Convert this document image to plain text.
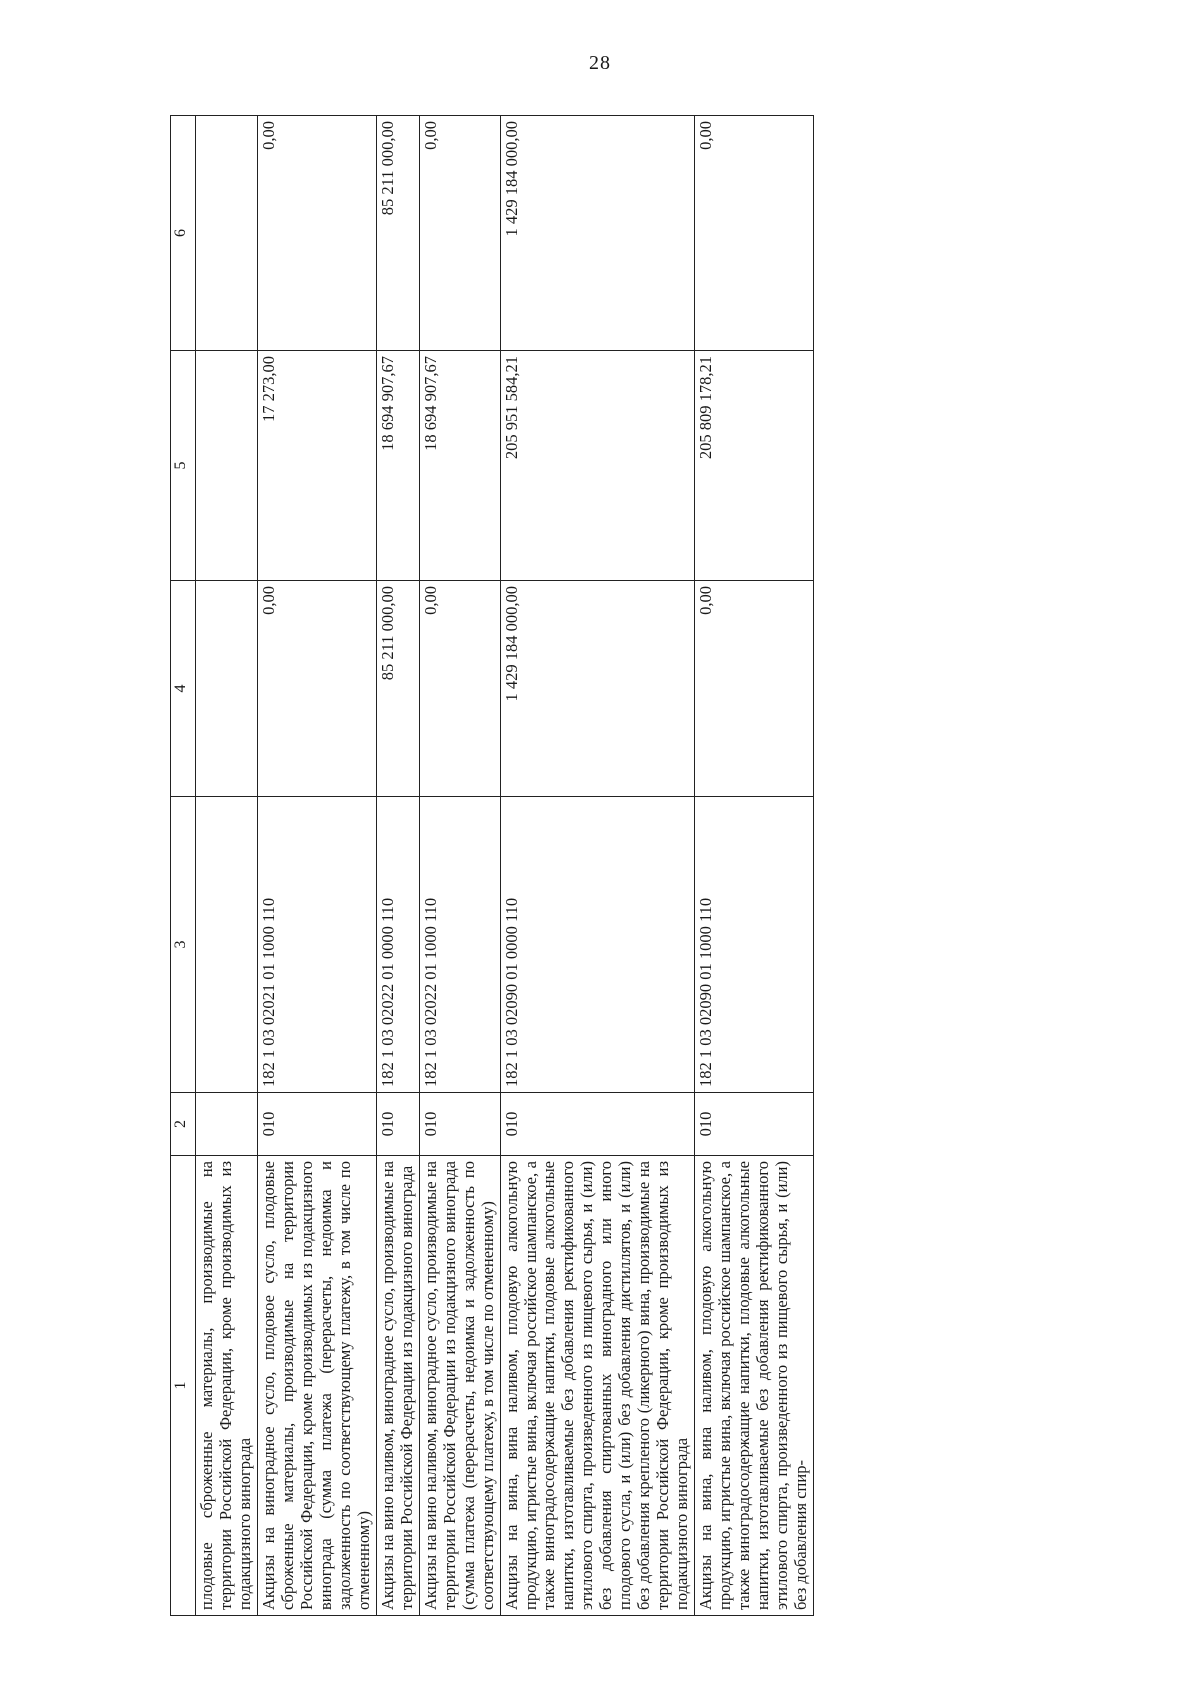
28
1	2	3	4	5	6
плодовые сброженные материалы, производимые на территории Российской Федерации, кроме производимых из подакцизного винограда					
Акцизы на виноградное сусло, плодовое сусло, плодовые сброженные материалы, производимые на территории Российской Федерации, кроме производимых из подакцизного винограда (сумма платежа (перерасчеты, недоимка и задолженность по соответствующему платежу, в том числе по отмененному)	010	182 1 03 02021 01 1000 110	0,00	17 273,00	0,00
Акцизы на вино наливом, виноградное сусло, производимые на территории Российской Федерации из подакцизного винограда	010	182 1 03 02022 01 0000 110	85 211 000,00	18 694 907,67	85 211 000,00
Акцизы на вино наливом, виноградное сусло, производимые на территории Российской Федерации из подакцизного винограда (сумма платежа (перерасчеты, недоимка и задолженность по соответствующему платежу, в том числе по отмененному)	010	182 1 03 02022 01 1000 110	0,00	18 694 907,67	0,00
Акцизы на вина, вина наливом, плодовую алкогольную продукцию, игристые вина, включая российское шампанское, а также виноградосодержащие напитки, плодовые алкогольные напитки, изготавливаемые без добавления ректификованного этилового спирта, произведенного из пищевого сырья, и (или) без добавления спиртованных виноградного или иного плодового сусла, и (или) без добавления дистиллятов, и (или) без добавления крепленого (ликерного) вина, производимые на территории Российской Федерации, кроме производимых из подакцизного винограда	010	182 1 03 02090 01 0000 110	1 429 184 000,00	205 951 584,21	1 429 184 000,00
Акцизы на вина, вина наливом, плодовую алкогольную продукцию, игристые вина, включая российское шампанское, а также виноградосодержащие напитки, плодовые алкогольные напитки, изготавливаемые без добавления ректификованного этилового спирта, произведенного из пищевого сырья, и (или) без добавления спир-	010	182 1 03 02090 01 1000 110	0,00	205 809 178,21	0,00
